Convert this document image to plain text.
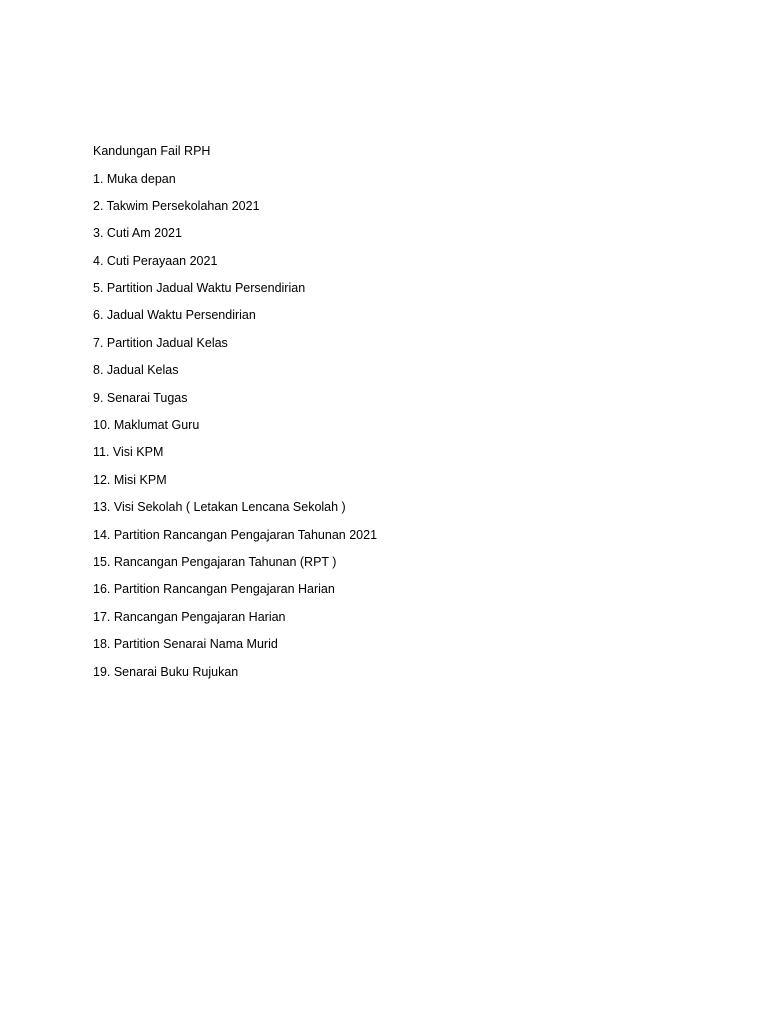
Kandungan Fail RPH
1. Muka depan
2. Takwim Persekolahan 2021
3. Cuti Am 2021
4. Cuti Perayaan 2021
5. Partition Jadual Waktu Persendirian
6. Jadual Waktu Persendirian
7. Partition Jadual Kelas
8. Jadual Kelas
9. Senarai Tugas
10. Maklumat Guru
11. Visi KPM
12. Misi KPM
13. Visi Sekolah ( Letakan Lencana Sekolah )
14. Partition Rancangan Pengajaran Tahunan 2021
15. Rancangan Pengajaran Tahunan (RPT )
16. Partition Rancangan Pengajaran Harian
17. Rancangan Pengajaran Harian
18. Partition Senarai Nama Murid
19. Senarai Buku Rujukan
